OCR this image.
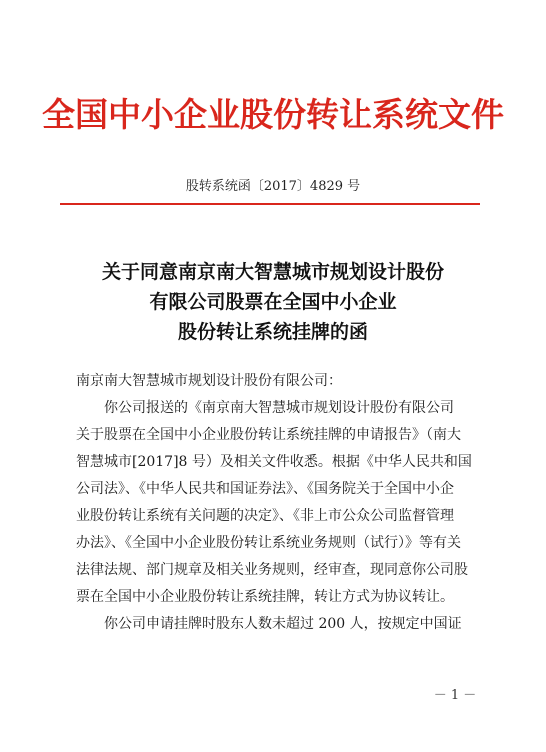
全国中小企业股份转让系统文件
股转系统函〔2017〕4829 号
关于同意南京南大智慧城市规划设计股份
有限公司股票在全国中小企业
股份转让系统挂牌的函

南京南大智慧城市规划设计股份有限公司：

你公司报送的《南京南大智慧城市规划设计股份有限公司
关于股票在全国中小企业股份转让系统挂牌的申请报告》（南大
智慧城市[2017]8 号）及相关文件收悉。根据《中华人民共和国
公司法》、《中华人民共和国证券法》、《国务院关于全国中小企
业股份转让系统有关问题的决定》、《非上市公众公司监督管理
办法》、《全国中小企业股份转让系统业务规则（试行）》等有关
法律法规、部门规章及相关业务规则，经审查，现同意你公司股
票在全国中小企业股份转让系统挂牌，转让方式为协议转让。

你公司申请挂牌时股东人数未超过 200 人，按规定中国证

－ 1 －
